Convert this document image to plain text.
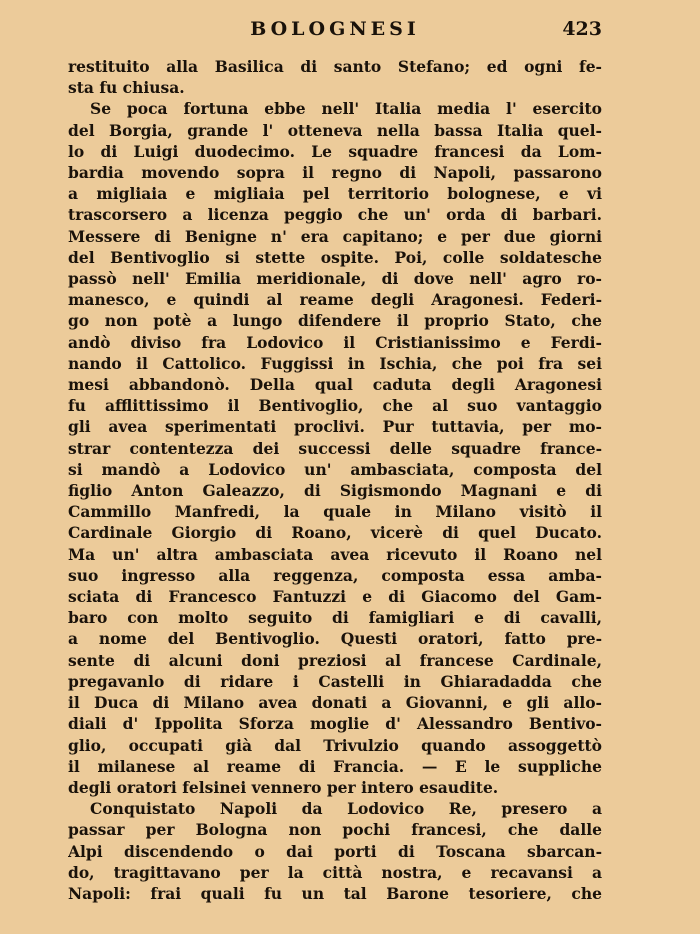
BOLOGNESI	423
restituito alla Basilica di santo Stefano; ed ogni fe-
sta fu chiusa.
Se poca fortuna ebbe nell' Italia media l' esercito
del Borgia, grande l' otteneva nella bassa Italia quel-
lo di Luigi duodecimo. Le squadre francesi da Lom-
bardia movendo sopra il regno di Napoli, passarono
a migliaia e migliaia pel territorio bolognese, e vi
trascorsero a licenza peggio che un' orda di barbari.
Messere di Benigne n' era capitano; e per due giorni
del Bentivoglio si stette ospite. Poi, colle soldatesche
passò nell' Emilia meridionale, di dove nell' agro ro-
manesco, e quindi al reame degli Aragonesi. Federi-
go non potè a lungo difendere il proprio Stato, che
andò diviso fra Lodovico il Cristianissimo e Ferdi-
nando il Cattolico. Fuggissi in Ischia, che poi fra sei
mesi abbandonò. Della qual caduta degli Aragonesi
fu afflittissimo il Bentivoglio, che al suo vantaggio
gli avea sperimentati proclivi. Pur tuttavia, per mo-
strar contentezza dei successi delle squadre france-
si mandò a Lodovico un' ambasciata, composta del
figlio Anton Galeazzo, di Sigismondo Magnani e di
Cammillo Manfredi, la quale in Milano visitò il
Cardinale Giorgio di Roano, vicerè di quel Ducato.
Ma un' altra ambasciata avea ricevuto il Roano nel
suo ingresso alla reggenza, composta essa amba-
sciata di Francesco Fantuzzi e di Giacomo del Gam-
baro con molto seguito di famigliari e di cavalli,
a nome del Bentivoglio. Questi oratori, fatto pre-
sente di alcuni doni preziosi al francese Cardinale,
pregavanlo di ridare i Castelli in Ghiaradadda che
il Duca di Milano avea donati a Giovanni, e gli allo-
diali d' Ippolita Sforza moglie d' Alessandro Bentivo-
glio, occupati già dal Trivulzio quando assoggettò
il milanese al reame di Francia. — E le suppliche
degli oratori felsinei vennero per intero esaudite.
Conquistato Napoli da Lodovico Re, presero a
passar per Bologna non pochi francesi, che dalle
Alpi discendendo o dai porti di Toscana sbarcan-
do, tragittavano per la città nostra, e recavansi a
Napoli: frai quali fu un tal Barone tesoriere, che
